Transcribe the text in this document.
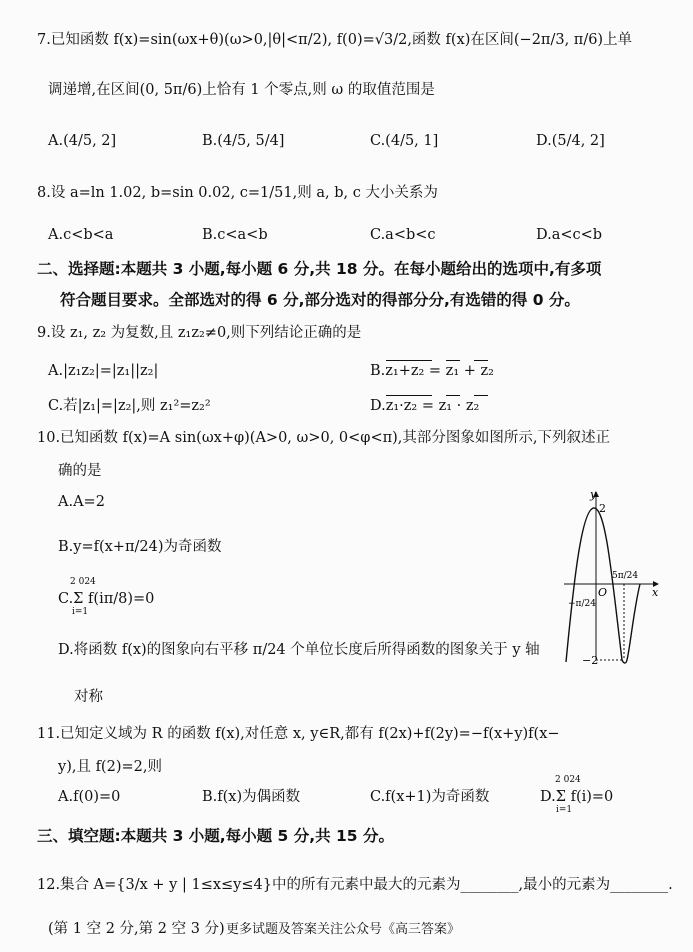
7.已知函数 f(x)=sin(ωx+θ)(ω>0,|θ|<π/2), f(0)=√3/2,函数 f(x)在区间(−2π/3, π/6)上单
调递增,在区间(0, 5π/6)上恰有 1 个零点,则 ω 的取值范围是
A.(4/5, 2]	B.(4/5, 5/4]	C.(4/5, 1]	D.(5/4, 2]
8.设 a=ln 1.02, b=sin 0.02, c=1/51,则 a, b, c 大小关系为
A.c<b<a	B.c<a<b	C.a<b<c	D.a<c<b
二、选择题:本题共 3 小题,每小题 6 分,共 18 分。在每小题给出的选项中,有多项
符合题目要求。全部选对的得 6 分,部分选对的得部分分,有选错的得 0 分。
9.设 z₁, z₂ 为复数,且 z₁z₂≠0,则下列结论正确的是
A.|z₁z₂|=|z₁||z₂|	B.z₁+z₂ = z₁ + z₂
C.若|z₁|=|z₂|,则 z₁²=z₂²	D.z₁·z₂ = z₁ · z₂
10.已知函数 f(x)=A sin(ωx+φ)(A>0, ω>0, 0<φ<π),其部分图象如图所示,下列叙述正
确的是
A.A=2
B.y=f(x+π/24)为奇函数
2 024
C.Σ f(iπ/8)=0
i=1
D.将函数 f(x)的图象向右平移 π/24 个单位长度后所得函数的图象关于 y 轴
对称
y
x
2
−2
O
5π/24
−π/24
11.已知定义域为 R 的函数 f(x),对任意 x, y∈R,都有 f(2x)+f(2y)=−f(x+y)f(x−
y),且 f(2)=2,则
A.f(0)=0	B.f(x)为偶函数	C.f(x+1)为奇函数
2 024
D.Σ f(i)=0
i=1
三、填空题:本题共 3 小题,每小题 5 分,共 15 分。
12.集合 A={3/x + y | 1≤x≤y≤4}中的所有元素中最大的元素为________,最小的元素为________.
(第 1 空 2 分,第 2 空 3 分) 更多试题及答案关注公众号《高三答案》
